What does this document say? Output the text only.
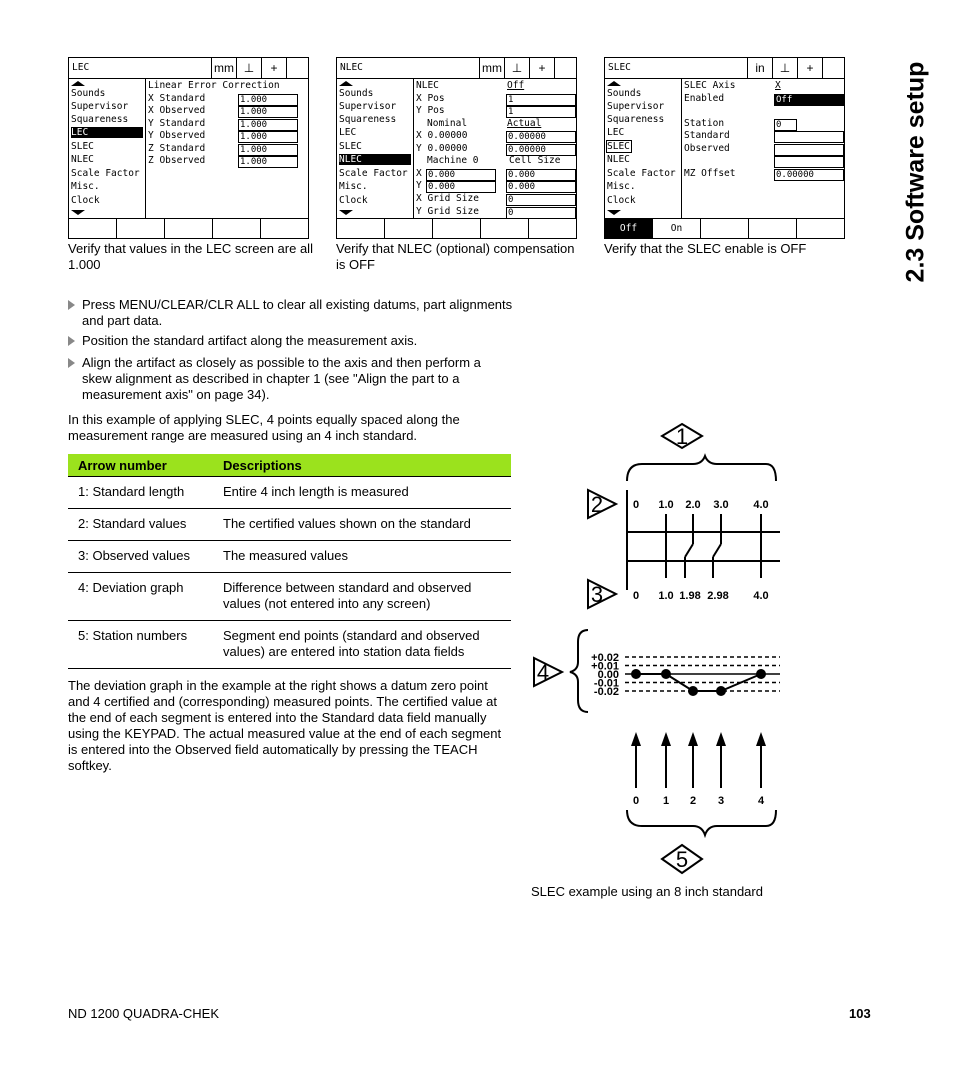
2.3 Software setup
LEC	mm ⊥	+
Sounds
Supervisor
Squareness
LEC
SLEC
NLEC
Scale Factor
Misc.
Clock
Linear Error Correction
X Standard	1.000
X Observed	1.000
Y Standard	1.000
Y Observed	1.000
Z Standard	1.000
Z Observed	1.000
Verify that values in the LEC screen are all 1.000
NLEC	mm ⊥	+
Sounds
Supervisor
Squareness
LEC
SLEC
NLEC
Scale Factor
Misc.
Clock
NLEC	Off
X Pos	1
Y Pos	1
Nominal	Actual
X 0.00000	0.00000
Y 0.00000	0.00000
Machine 0	Cell Size
X 0.000	0.000
Y 0.000	0.000
X Grid Size	0
Y Grid Size	0
Verify that NLEC (optional) compensation is OFF
SLEC	in	⊥	+
Sounds
Supervisor
Squareness
LEC
SLEC
NLEC
Scale Factor
Misc.
Clock
SLEC Axis	X
Enabled	Off
Station	0
Standard
Observed
MZ Offset	0.00000
Off	On
Verify that the SLEC enable is OFF
Press MENU/CLEAR/CLR ALL to clear all existing datums, part alignments and part data.
Position the standard artifact along the measurement axis.
Align the artifact as closely as possible to the axis and then perform a skew alignment as described in chapter 1 (see "Align the part to a measurement axis" on page 34).
In this example of applying SLEC, 4 points equally spaced along the measurement range are measured using an 4 inch standard.
Arrow number	Descriptions
1: Standard length	Entire 4 inch length is measured
2: Standard values	The certified values shown on the standard
3: Observed values	The measured values
4: Deviation graph	Difference between standard and observed values (not entered into any screen)
5: Station numbers	Segment end points (standard and observed values) are entered into station data fields
The deviation graph in the example at the right shows a datum zero point and 4 certified and (corresponding) measured points. The certified value at the end of each segment is entered into the Standard data field manually using the KEYPAD. The actual measured value at the end of each segment is entered into the Observed field automatically by pressing the TEACH softkey.
1
2
3
4
5
0 1.0 2.0 3.0 4.0
0 1.0 1.98 2.98 4.0
+0.02
+0.01
0.00
-0.01
-0.02
0 1 2 3	4
SLEC example using an 8 inch standard
ND 1200 QUADRA-CHEK	103
